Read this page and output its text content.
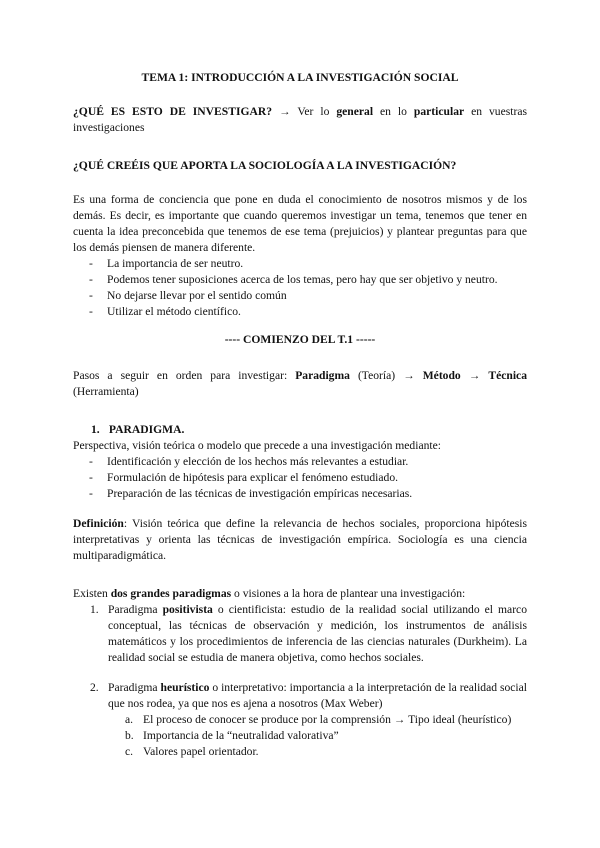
TEMA 1: INTRODUCCIÓN A LA INVESTIGACIÓN SOCIAL

¿QUÉ ES ESTO DE INVESTIGAR? → Ver lo general en lo particular en vuestras investigaciones

¿QUÉ CREÉIS QUE APORTA LA SOCIOLOGÍA A LA INVESTIGACIÓN?

Es una forma de conciencia que pone en duda el conocimiento de nosotros mismos y de los demás. Es decir, es importante que cuando queremos investigar un tema, tenemos que tener en cuenta la idea preconcebida que tenemos de ese tema (prejuicios) y plantear preguntas para que los demás piensen de manera diferente.

- La importancia de ser neutro.
- Podemos tener suposiciones acerca de los temas, pero hay que ser objetivo y neutro.
- No dejarse llevar por el sentido común
- Utilizar el método científico.

---- COMIENZO DEL T.1 -----

Pasos a seguir en orden para investigar: Paradigma (Teoría) → Método → Técnica (Herramienta)

1. PARADIGMA.

Perspectiva, visión teórica o modelo que precede a una investigación mediante:

- Identificación y elección de los hechos más relevantes a estudiar.
- Formulación de hipótesis para explicar el fenómeno estudiado.
- Preparación de las técnicas de investigación empíricas necesarias.

Definición: Visión teórica que define la relevancia de hechos sociales, proporciona hipótesis interpretativas y orienta las técnicas de investigación empírica. Sociología es una ciencia multiparadigmática.

Existen dos grandes paradigmas o visiones a la hora de plantear una investigación:

1. Paradigma positivista o cientificista: estudio de la realidad social utilizando el marco conceptual, las técnicas de observación y medición, los instrumentos de análisis matemáticos y los procedimientos de inferencia de las ciencias naturales (Durkheim). La realidad social se estudia de manera objetiva, como hechos sociales.
2. Paradigma heurístico o interpretativo: importancia a la interpretación de la realidad social que nos rodea, ya que nos es ajena a nosotros (Max Weber)
a. El proceso de conocer se produce por la comprensión → Tipo ideal (heurístico)
b. Importancia de la “neutralidad valorativa”
c. Valores papel orientador.
